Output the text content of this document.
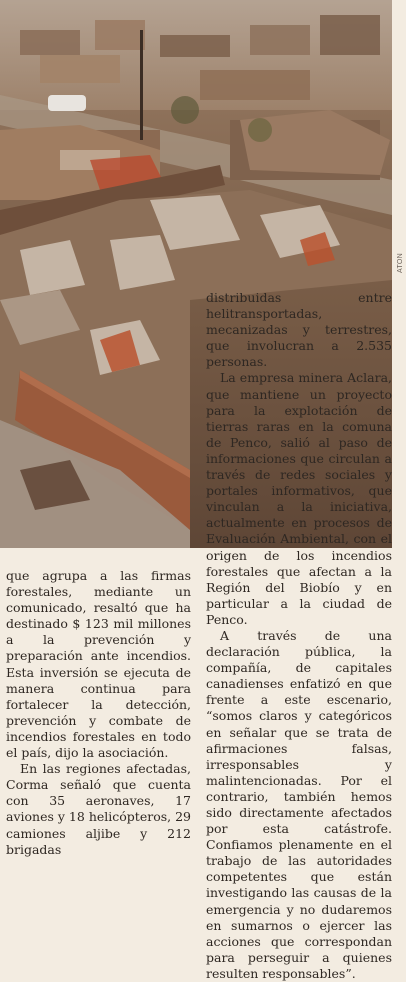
ATON

distribuidas entre helitransportadas, mecanizadas y terrestres, que involucran a 2.535 personas.

La empresa minera Aclara, que mantiene un proyecto para la explotación de tierras raras en la comuna de Penco, salió al paso de informaciones que circulan a través de redes sociales y portales informativos, que vinculan a la iniciativa, actualmente en procesos de Evaluación Ambiental, con el origen de los incendios forestales que afectan a la Región del Biobío y en particular a la ciudad de Penco.

A través de una declaración pública, la compañía, de capitales canadienses enfatizó en que frente a este escenario, “somos claros y categóricos en señalar que se trata de afirmaciones falsas, irresponsables y malintencionadas. Por el contrario, también hemos sido directamente afectados por esta catástrofe. Confiamos plenamente en el trabajo de las autoridades competentes que están investigando las causas de la emergencia y no dudaremos en sumarnos o ejercer las acciones que correspondan para perseguir a quienes resulten responsables”.

que agrupa a las firmas forestales, mediante un comunicado, resaltó que ha destinado $ 123 mil millones a la prevención y preparación ante incendios. Esta inversión se ejecuta de manera continua para fortalecer la detección, prevención y combate de incendios forestales en todo el país, dijo la asociación.

En las regiones afectadas, Corma señaló que cuenta con 35 aeronaves, 17 aviones y 18 helicópteros, 29 camiones aljibe y 212 brigadas
